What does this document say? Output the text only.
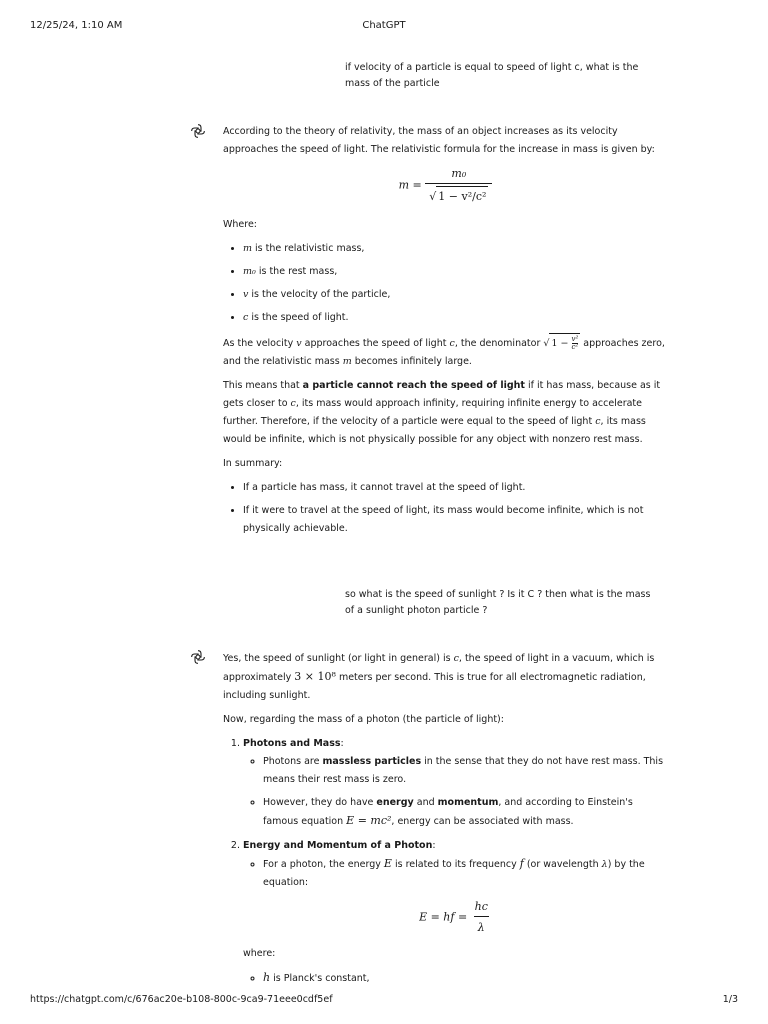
12/25/24, 1:10 AM	ChatGPT
if velocity of a particle is equal to speed of light c, what is the mass of the particle

According to the theory of relativity, the mass of an object increases as its velocity approaches the speed of light. The relativistic formula for the increase in mass is given by:

$m = \frac{\text{m₀}}{\text{√ 1 − v²/c²}}$

Where:

• m is the relativistic mass,
• m₀ is the rest mass,
• v is the velocity of the particle,
• c is the speed of light.

As the velocity v approaches the speed of light c, the denominator √ $1 - \frac{\text{v²}}{\text{c²}}$ approaches zero, and the relativistic mass m becomes infinitely large.

This means that a particle cannot reach the speed of light if it has mass, because as it gets closer to c, its mass would approach infinity, requiring infinite energy to accelerate further. Therefore, if the velocity of a particle were equal to the speed of light c, its mass would be infinite, which is not physically possible for any object with nonzero rest mass.

In summary:

• If a particle has mass, it cannot travel at the speed of light.
• If it were to travel at the speed of light, its mass would become infinite, which is not physically achievable.
so what is the speed of sunlight ? Is it C ? then what is the mass of a sunlight photon particle ?

Yes, the speed of sunlight (or light in general) is c, the speed of light in a vacuum, which is approximately 3 × 10⁸ meters per second. This is true for all electromagnetic radiation, including sunlight.

Now, regarding the mass of a photon (the particle of light):

1. Photons and Mass:
◦ Photons are massless particles in the sense that they do not have rest mass. This means their rest mass is zero.
◦ However, they do have energy and momentum, and according to Einstein's famous equation E = mc², energy can be associated with mass.
2. Energy and Momentum of a Photon:
◦ For a photon, the energy E is related to its frequency f (or wavelength λ) by the equation:
E = hf = $\frac{hc}{\lambda}$

where:

◦ h is Planck's constant,
https://chatgpt.com/c/676ac20e-b108-800c-9ca9-71eee0cdf5ef	1/3
